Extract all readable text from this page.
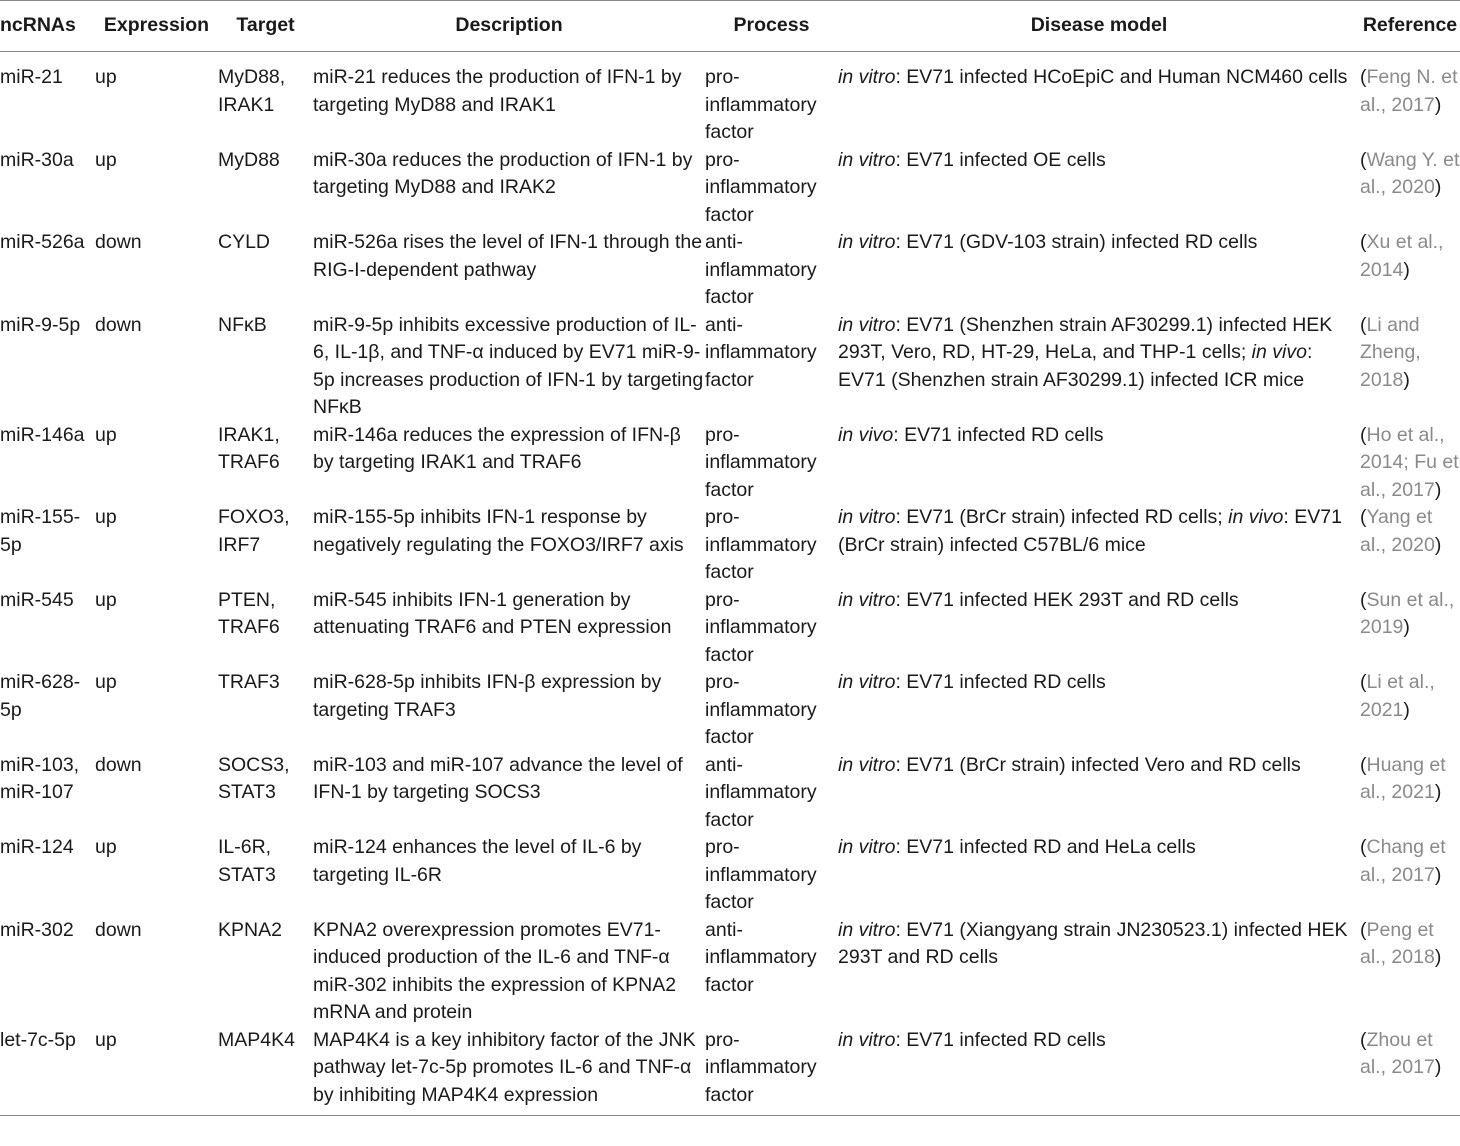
ncRNAs	Expression	Target	Description	Process	Disease model	Reference
miR-21	up	MyD88, IRAK1	miR-21 reduces the production of IFN-1 by targeting MyD88 and IRAK1	pro-inflammatory factor	in vitro: EV71 infected HCoEpiC and Human NCM460 cells	(Feng N. et al., 2017)
miR-30a	up	MyD88	miR-30a reduces the production of IFN-1 by targeting MyD88 and IRAK2	pro-inflammatory factor	in vitro: EV71 infected OE cells	(Wang Y. et al., 2020)
miR-526a	down	CYLD	miR-526a rises the level of IFN-1 through the RIG-I-dependent pathway	anti-inflammatory factor	in vitro: EV71 (GDV-103 strain) infected RD cells	(Xu et al., 2014)
miR-9-5p	down	NFκB	miR-9-5p inhibits excessive production of IL-6, IL-1β, and TNF-α induced by EV71 miR-9-5p increases production of IFN-1 by targeting NFκB	anti-inflammatory factor	in vitro: EV71 (Shenzhen strain AF30299.1) infected HEK 293T, Vero, RD, HT-29, HeLa, and THP-1 cells; in vivo: EV71 (Shenzhen strain AF30299.1) infected ICR mice	(Li and Zheng, 2018)
miR-146a	up	IRAK1, TRAF6	miR-146a reduces the expression of IFN-β by targeting IRAK1 and TRAF6	pro-inflammatory factor	in vivo: EV71 infected RD cells	(Ho et al., 2014; Fu et al., 2017)
miR-155-5p	up	FOXO3, IRF7	miR-155-5p inhibits IFN-1 response by negatively regulating the FOXO3/IRF7 axis	pro-inflammatory factor	in vitro: EV71 (BrCr strain) infected RD cells; in vivo: EV71 (BrCr strain) infected C57BL/6 mice	(Yang et al., 2020)
miR-545	up	PTEN, TRAF6	miR-545 inhibits IFN-1 generation by attenuating TRAF6 and PTEN expression	pro-inflammatory factor	in vitro: EV71 infected HEK 293T and RD cells	(Sun et al., 2019)
miR-628-5p	up	TRAF3	miR-628-5p inhibits IFN-β expression by targeting TRAF3	pro-inflammatory factor	in vitro: EV71 infected RD cells	(Li et al., 2021)
miR-103, miR-107	down	SOCS3, STAT3	miR-103 and miR-107 advance the level of IFN-1 by targeting SOCS3	anti-inflammatory factor	in vitro: EV71 (BrCr strain) infected Vero and RD cells	(Huang et al., 2021)
miR-124	up	IL-6R, STAT3	miR-124 enhances the level of IL-6 by targeting IL-6R	pro-inflammatory factor	in vitro: EV71 infected RD and HeLa cells	(Chang et al., 2017)
miR-302	down	KPNA2	KPNA2 overexpression promotes EV71-induced production of the IL-6 and TNF-α miR-302 inhibits the expression of KPNA2 mRNA and protein	anti-inflammatory factor	in vitro: EV71 (Xiangyang strain JN230523.1) infected HEK 293T and RD cells	(Peng et al., 2018)
let-7c-5p	up	MAP4K4	MAP4K4 is a key inhibitory factor of the JNK pathway let-7c-5p promotes IL-6 and TNF-α by inhibiting MAP4K4 expression	pro-inflammatory factor	in vitro: EV71 infected RD cells	(Zhou et al., 2017)
